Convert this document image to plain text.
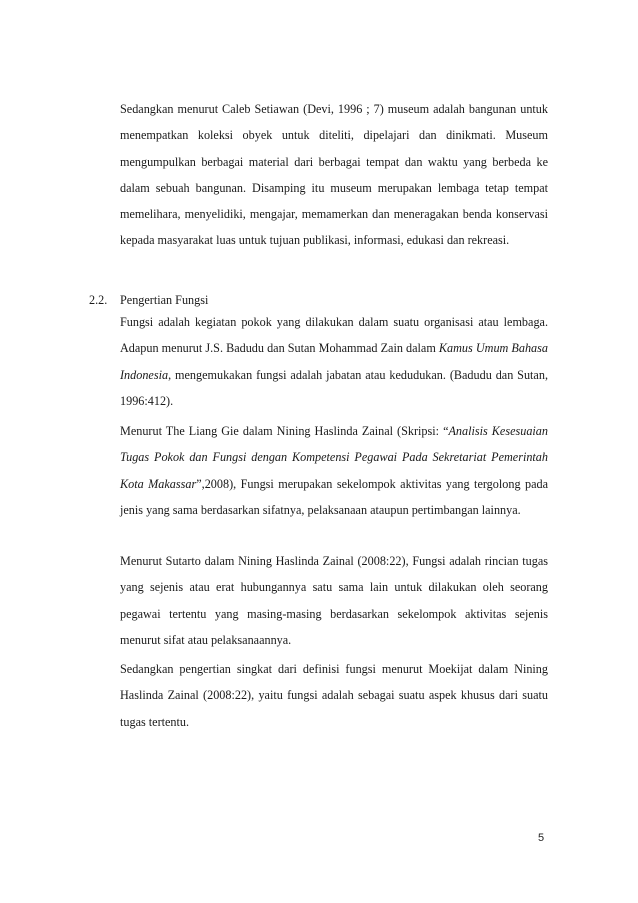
Sedangkan menurut Caleb Setiawan (Devi, 1996 ; 7) museum adalah bangunan untuk menempatkan koleksi obyek untuk diteliti, dipelajari dan dinikmati. Museum mengumpulkan berbagai material dari berbagai tempat dan waktu yang berbeda ke dalam sebuah bangunan. Disamping itu museum merupakan lembaga tetap tempat memelihara, menyelidiki, mengajar, memamerkan dan meneragakan benda konservasi kepada masyarakat luas untuk tujuan publikasi, informasi, edukasi dan rekreasi.

2.2. Pengertian Fungsi

Fungsi adalah kegiatan pokok yang dilakukan dalam suatu organisasi atau lembaga. Adapun menurut J.S. Badudu dan Sutan Mohammad Zain dalam Kamus Umum Bahasa Indonesia, mengemukakan fungsi adalah jabatan atau kedudukan. (Badudu dan Sutan, 1996:412).

Menurut The Liang Gie dalam Nining Haslinda Zainal (Skripsi: “Analisis Kesesuaian Tugas Pokok dan Fungsi dengan Kompetensi Pegawai Pada Sekretariat Pemerintah Kota Makassar”,2008), Fungsi merupakan sekelompok aktivitas yang tergolong pada jenis yang sama berdasarkan sifatnya, pelaksanaan ataupun pertimbangan lainnya.

Menurut Sutarto dalam Nining Haslinda Zainal (2008:22), Fungsi adalah rincian tugas yang sejenis atau erat hubungannya satu sama lain untuk dilakukan oleh seorang pegawai tertentu yang masing-masing berdasarkan sekelompok aktivitas sejenis menurut sifat atau pelaksanaannya.

Sedangkan pengertian singkat dari definisi fungsi menurut Moekijat dalam Nining Haslinda Zainal (2008:22), yaitu fungsi adalah sebagai suatu aspek khusus dari suatu tugas tertentu.

5
